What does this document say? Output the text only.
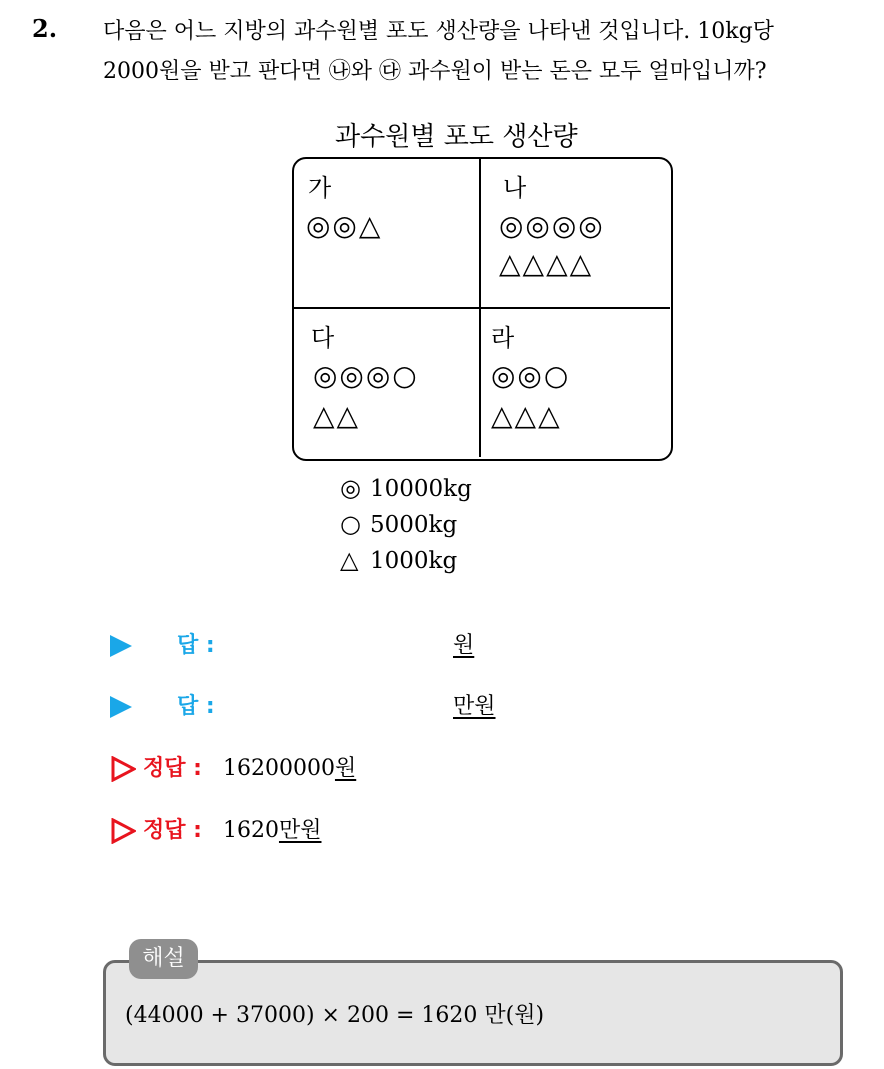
2. 다음은 어느 지방의 과수원별 포도 생산량을 나타낸 것입니다. 10kg당
2000원을 받고 판다면 ㉯와 ㉰ 과수원이 받는 돈은 모두 얼마입니까?
과수원별 포도 생산량
가
◎◎△
나
◎◎◎◎
△△△△
다
◎◎◎○
△△
라
◎◎○
△△△
◎ 10000kg
○ 5000kg
△ 1000kg
답 :	원
답 :	만원
정답 : 16200000원
정답 : 1620만원
해설
(44000 + 37000) × 200 = 1620 만(원)
